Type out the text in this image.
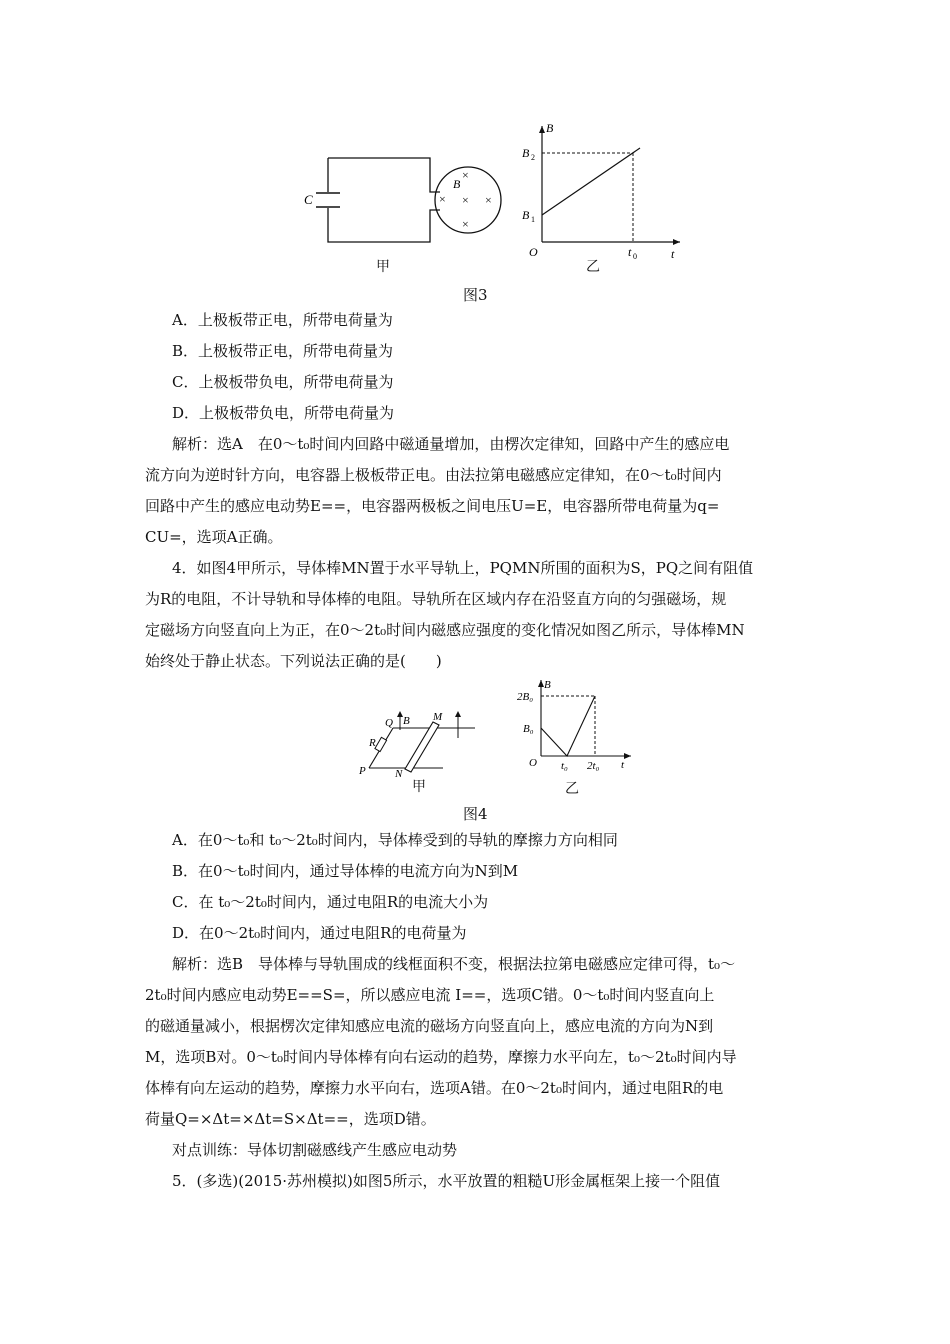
C
B
×
× × ×
×
甲
B
t
O
B 2
B 1
t 0
乙
图3
A．上极板带正电，所带电荷量为
B．上极板带正电，所带电荷量为
C．上极板带负电，所带电荷量为
D．上极板带负电，所带电荷量为
解析：选A　在0～t₀时间内回路中磁通量增加，由楞次定律知，回路中产生的感应电
流方向为逆时针方向，电容器上极板带正电。由法拉第电磁感应定律知，在0～t₀时间内
回路中产生的感应电动势E==，电容器两极板之间电压U=E，电容器所带电荷量为q=
CU=，选项A正确。
4．如图4甲所示，导体棒MN置于水平导轨上，PQMN所围的面积为S，PQ之间有阻值
为R的电阻，不计导轨和导体棒的电阻。导轨所在区域内存在沿竖直方向的匀强磁场，规
定磁场方向竖直向上为正，在0～2t₀时间内磁感应强度的变化情况如图乙所示，导体棒MN
始终处于静止状态。下列说法正确的是(　　)
Q B M
R
P	N
甲
B
t
O
2B₀
B₀
t₀ 2t₀
乙
图4
A．在0～t₀和 t₀～2t₀时间内，导体棒受到的导轨的摩擦力方向相同
B．在0～t₀时间内，通过导体棒的电流方向为N到M
C．在 t₀～2t₀时间内，通过电阻R的电流大小为
D．在0～2t₀时间内，通过电阻R的电荷量为
解析：选B　导体棒与导轨围成的线框面积不变，根据法拉第电磁感应定律可得，t₀～
2t₀时间内感应电动势E==S=，所以感应电流 I==，选项C错。0～t₀时间内竖直向上
的磁通量减小，根据楞次定律知感应电流的磁场方向竖直向上，感应电流的方向为N到
M，选项B对。0～t₀时间内导体棒有向右运动的趋势，摩擦力水平向左，t₀～2t₀时间内导
体棒有向左运动的趋势，摩擦力水平向右，选项A错。在0～2t₀时间内，通过电阻R的电
荷量Q=×Δt=×Δt=S×Δt==，选项D错。
对点训练：导体切割磁感线产生感应电动势
5．(多选)(2015·苏州模拟)如图5所示，水平放置的粗糙U形金属框架上接一个阻值
